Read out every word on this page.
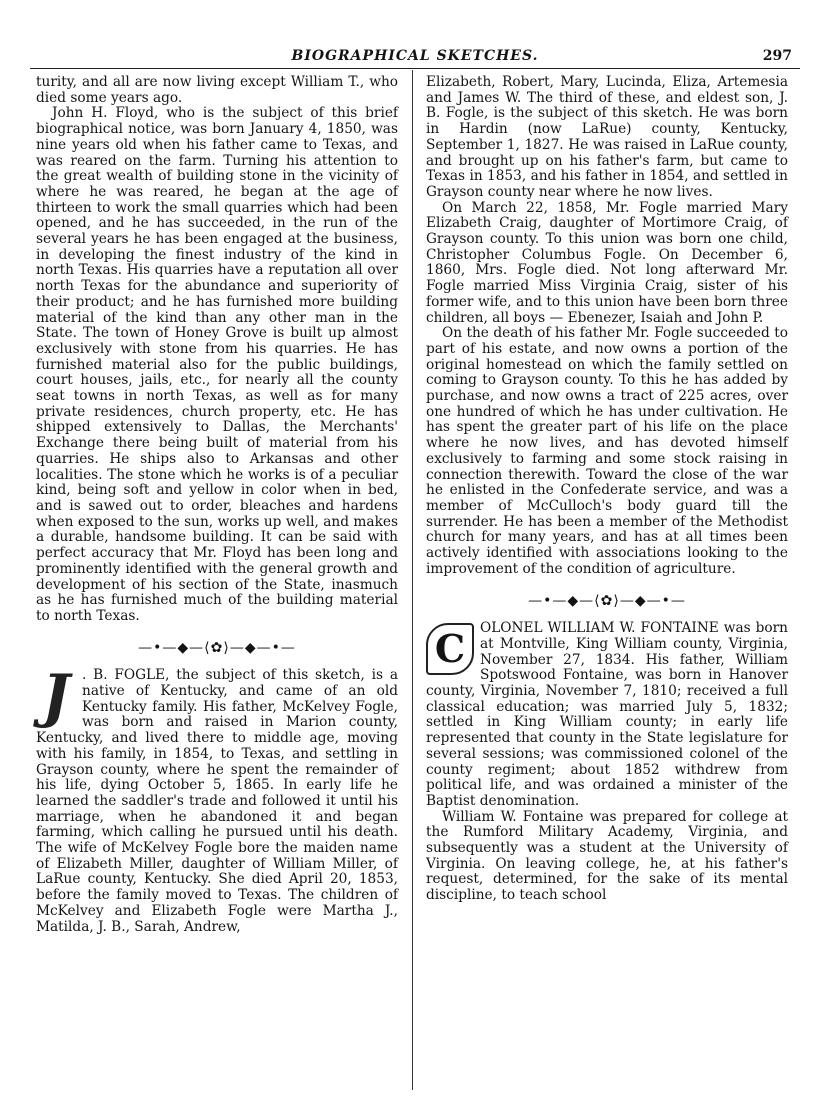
BIOGRAPHICAL SKETCHES.	297

turity, and all are now living except William T., who died some years ago.

John H. Floyd, who is the subject of this brief biographical notice, was born January 4, 1850, was nine years old when his father came to Texas, and was reared on the farm. Turning his attention to the great wealth of building stone in the vicinity of where he was reared, he began at the age of thirteen to work the small quarries which had been opened, and he has succeeded, in the run of the several years he has been engaged at the business, in developing the finest industry of the kind in north Texas. His quarries have a reputation all over north Texas for the abundance and superiority of their product; and he has furnished more building material of the kind than any other man in the State. The town of Honey Grove is built up almost exclusively with stone from his quarries. He has furnished material also for the public buildings, court houses, jails, etc., for nearly all the county seat towns in north Texas, as well as for many private residences, church property, etc. He has shipped extensively to Dallas, the Merchants' Exchange there being built of material from his quarries. He ships also to Arkansas and other localities. The stone which he works is of a peculiar kind, being soft and yellow in color when in bed, and is sawed out to order, bleaches and hardens when exposed to the sun, works up well, and makes a durable, handsome building. It can be said with perfect accuracy that Mr. Floyd has been long and prominently identified with the general growth and development of his section of the State, inasmuch as he has furnished much of the building material to north Texas.

—•—◆—⟨✿⟩—◆—•—

J . B. FOGLE, the subject of this sketch, is a native of Kentucky, and came of an old Kentucky family. His father, McKelvey Fogle, was born and raised in Marion county, Kentucky, and lived there to middle age, moving with his family, in 1854, to Texas, and settling in Grayson county, where he spent the remainder of his life, dying October 5, 1865. In early life he learned the saddler's trade and followed it until his marriage, when he abandoned it and began farming, which calling he pursued until his death. The wife of McKelvey Fogle bore the maiden name of Elizabeth Miller, daughter of William Miller, of LaRue county, Kentucky. She died April 20, 1853, before the family moved to Texas. The children of McKelvey and Elizabeth Fogle were Martha J., Matilda, J. B., Sarah, Andrew,

Elizabeth, Robert, Mary, Lucinda, Eliza, Artemesia and James W. The third of these, and eldest son, J. B. Fogle, is the subject of this sketch. He was born in Hardin (now LaRue) county, Kentucky, September 1, 1827. He was raised in LaRue county, and brought up on his father's farm, but came to Texas in 1853, and his father in 1854, and settled in Grayson county near where he now lives.

On March 22, 1858, Mr. Fogle married Mary Elizabeth Craig, daughter of Mortimore Craig, of Grayson county. To this union was born one child, Christopher Columbus Fogle. On December 6, 1860, Mrs. Fogle died. Not long afterward Mr. Fogle married Miss Virginia Craig, sister of his former wife, and to this union have been born three children, all boys — Ebenezer, Isaiah and John P.

On the death of his father Mr. Fogle succeeded to part of his estate, and now owns a portion of the original homestead on which the family settled on coming to Grayson county. To this he has added by purchase, and now owns a tract of 225 acres, over one hundred of which he has under cultivation. He has spent the greater part of his life on the place where he now lives, and has devoted himself exclusively to farming and some stock raising in connection therewith. Toward the close of the war he enlisted in the Confederate service, and was a member of McCulloch's body guard till the surrender. He has been a member of the Methodist church for many years, and has at all times been actively identified with associations looking to the improvement of the condition of agriculture.

—•—◆—⟨✿⟩—◆—•—

C	OLONEL WILLIAM W. FONTAINE was born at Montville, King William county, Virginia, November 27, 1834. His father, William Spotswood Fontaine, was born in Hanover county, Virginia, November 7, 1810; received a full classical education; was married July 5, 1832; settled in King William county; in early life represented that county in the State legislature for several sessions; was commissioned colonel of the county regiment; about 1852 withdrew from political life, and was ordained a minister of the Baptist denomination.

William W. Fontaine was prepared for college at the Rumford Military Academy, Virginia, and subsequently was a student at the University of Virginia. On leaving college, he, at his father's request, determined, for the sake of its mental discipline, to teach school
